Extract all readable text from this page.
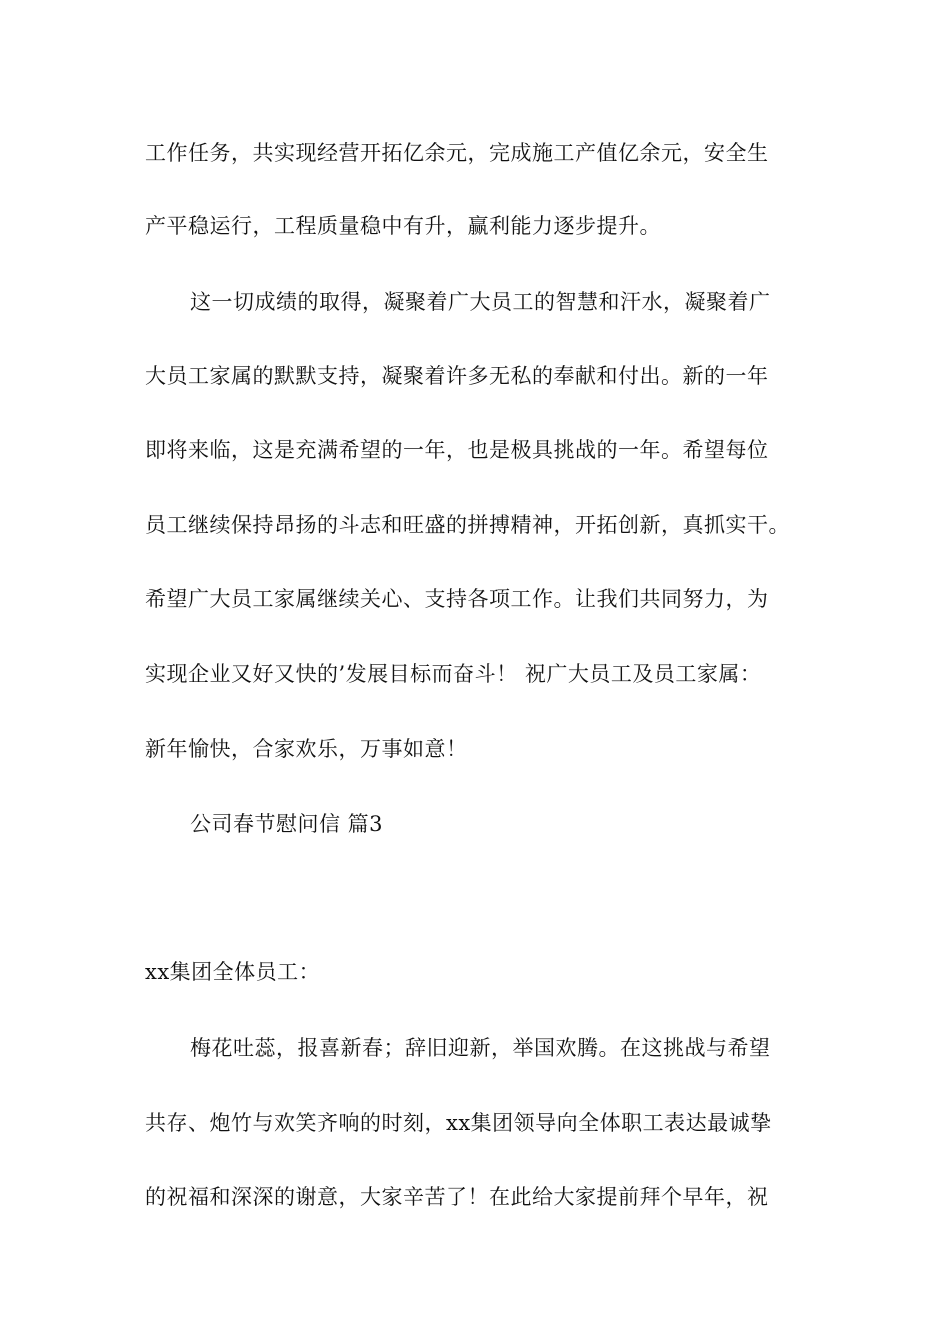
工作任务，共实现经营开拓亿余元，完成施工产值亿余元，安全生
产平稳运行，工程质量稳中有升，赢利能力逐步提升。
这一切成绩的取得，凝聚着广大员工的智慧和汗水，凝聚着广
大员工家属的默默支持，凝聚着许多无私的奉献和付出。新的一年
即将来临，这是充满希望的一年，也是极具挑战的一年。希望每位
员工继续保持昂扬的斗志和旺盛的拼搏精神，开拓创新，真抓实干。
希望广大员工家属继续关心、支持各项工作。让我们共同努力，为
实现企业又好又快的’发展目标而奋斗！ 祝广大员工及员工家属：
新年愉快，合家欢乐，万事如意！
公司春节慰问信 篇3
xx集团全体员工：
梅花吐蕊，报喜新春；辞旧迎新，举国欢腾。在这挑战与希望
共存、炮竹与欢笑齐响的时刻，xx集团领导向全体职工表达最诚挚
的祝福和深深的谢意，大家辛苦了！在此给大家提前拜个早年，祝
